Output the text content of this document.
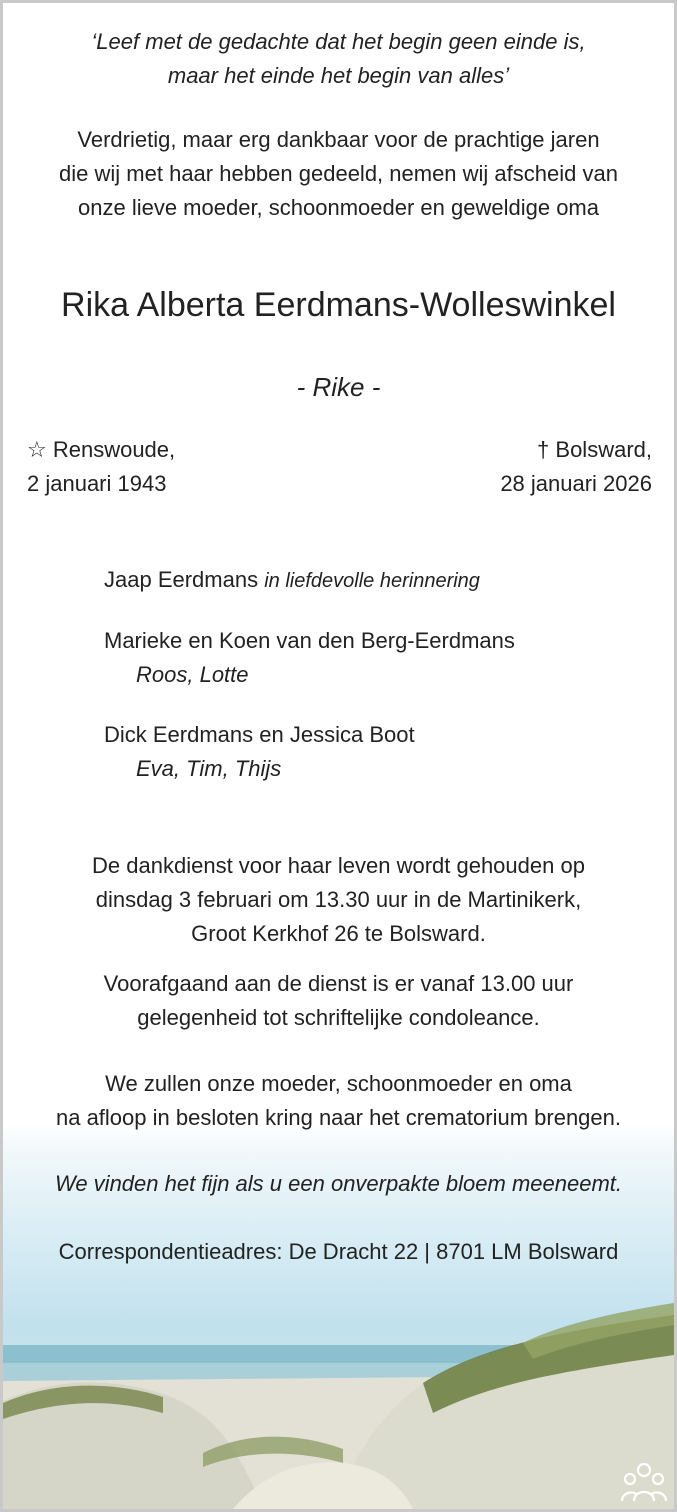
‘Leef met de gedachte dat het begin geen einde is,
maar het einde het begin van alles’
Verdrietig, maar erg dankbaar voor de prachtige jaren
die wij met haar hebben gedeeld, nemen wij afscheid van
onze lieve moeder, schoonmoeder en geweldige oma
Rika Alberta Eerdmans-Wolleswinkel
- Rike -
☆ Renswoude,
2 januari 1943
† Bolsward,
28 januari 2026
Jaap Eerdmans in liefdevolle herinnering
Marieke en Koen van den Berg-Eerdmans
Roos, Lotte
Dick Eerdmans en Jessica Boot
Eva, Tim, Thijs
De dankdienst voor haar leven wordt gehouden op
dinsdag 3 februari om 13.30 uur in de Martinikerk,
Groot Kerkhof 26 te Bolsward.
Voorafgaand aan de dienst is er vanaf 13.00 uur
gelegenheid tot schriftelijke condoleance.
We zullen onze moeder, schoonmoeder en oma
na afloop in besloten kring naar het crematorium brengen.
We vinden het fijn als u een onverpakte bloem meeneemt.
Correspondentieadres: De Dracht 22 | 8701 LM Bolsward
